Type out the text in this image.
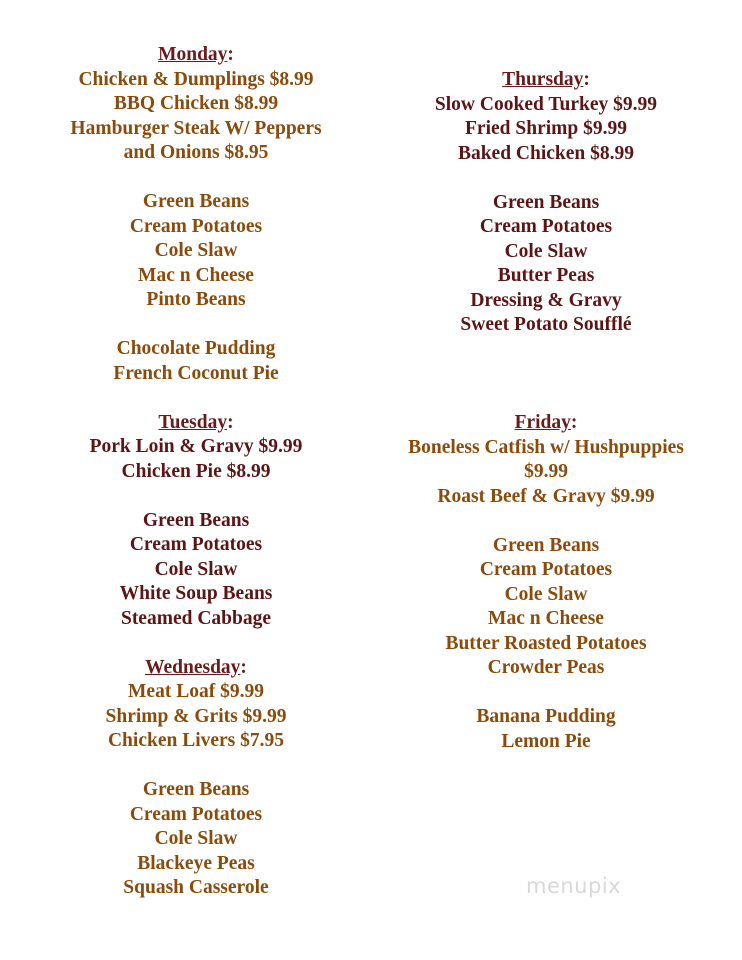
Monday:
Chicken & Dumplings $8.99
BBQ Chicken $8.99
Hamburger Steak W/ Peppers
and Onions $8.95
Green Beans
Cream Potatoes
Cole Slaw
Mac n Cheese
Pinto Beans
Chocolate Pudding
French Coconut Pie
Tuesday:
Pork Loin & Gravy $9.99
Chicken Pie $8.99
Green Beans
Cream Potatoes
Cole Slaw
White Soup Beans
Steamed Cabbage
Wednesday:
Meat Loaf $9.99
Shrimp & Grits $9.99
Chicken Livers $7.95
Green Beans
Cream Potatoes
Cole Slaw
Blackeye Peas
Squash Casserole
Thursday:
Slow Cooked Turkey $9.99
Fried Shrimp $9.99
Baked Chicken $8.99
Green Beans
Cream Potatoes
Cole Slaw
Butter Peas
Dressing & Gravy
Sweet Potato Soufflé
Friday:
Boneless Catfish w/ Hushpuppies
$9.99
Roast Beef & Gravy $9.99
Green Beans
Cream Potatoes
Cole Slaw
Mac n Cheese
Butter Roasted Potatoes
Crowder Peas
Banana Pudding
Lemon Pie
menupix
